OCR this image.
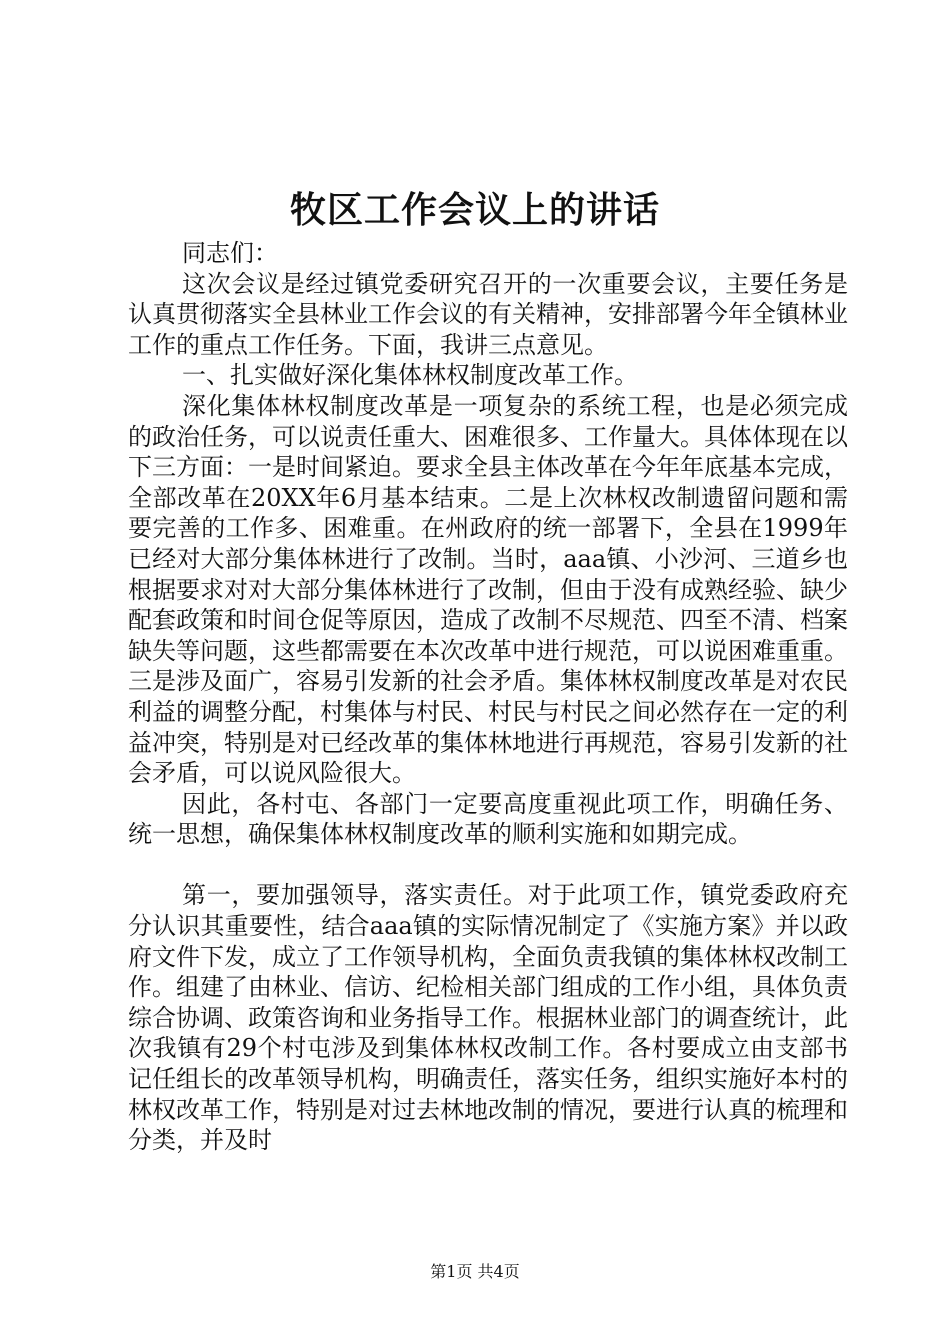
牧区工作会议上的讲话

同志们：

这次会议是经过镇党委研究召开的一次重要会议，主要任务是认真贯彻落实全县林业工作会议的有关精神，安排部署今年全镇林业工作的重点工作任务。下面，我讲三点意见。

一、扎实做好深化集体林权制度改革工作。

深化集体林权制度改革是一项复杂的系统工程，也是必须完成的政治任务，可以说责任重大、困难很多、工作量大。具体体现在以下三方面：一是时间紧迫。要求全县主体改革在今年年底基本完成，全部改革在20XX年6月基本结束。二是上次林权改制遗留问题和需要完善的工作多、困难重。在州政府的统一部署下，全县在1999年已经对大部分集体林进行了改制。当时，aaa镇、小沙河、三道乡也根据要求对对大部分集体林进行了改制，但由于没有成熟经验、缺少配套政策和时间仓促等原因，造成了改制不尽规范、四至不清、档案缺失等问题，这些都需要在本次改革中进行规范，可以说困难重重。三是涉及面广，容易引发新的社会矛盾。集体林权制度改革是对农民利益的调整分配，村集体与村民、村民与村民之间必然存在一定的利益冲突，特别是对已经改革的集体林地进行再规范，容易引发新的社会矛盾，可以说风险很大。

因此，各村屯、各部门一定要高度重视此项工作，明确任务、统一思想，确保集体林权制度改革的顺利实施和如期完成。

第一，要加强领导，落实责任。对于此项工作，镇党委政府充分认识其重要性，结合aaa镇的实际情况制定了《实施方案》并以政府文件下发，成立了工作领导机构，全面负责我镇的集体林权改制工作。组建了由林业、信访、纪检相关部门组成的工作小组，具体负责综合协调、政策咨询和业务指导工作。根据林业部门的调查统计，此次我镇有29个村屯涉及到集体林权改制工作。各村要成立由支部书记任组长的改革领导机构，明确责任，落实任务，组织实施好本村的林权改革工作，特别是对过去林地改制的情况，要进行认真的梳理和分类，并及时

第1页 共4页
